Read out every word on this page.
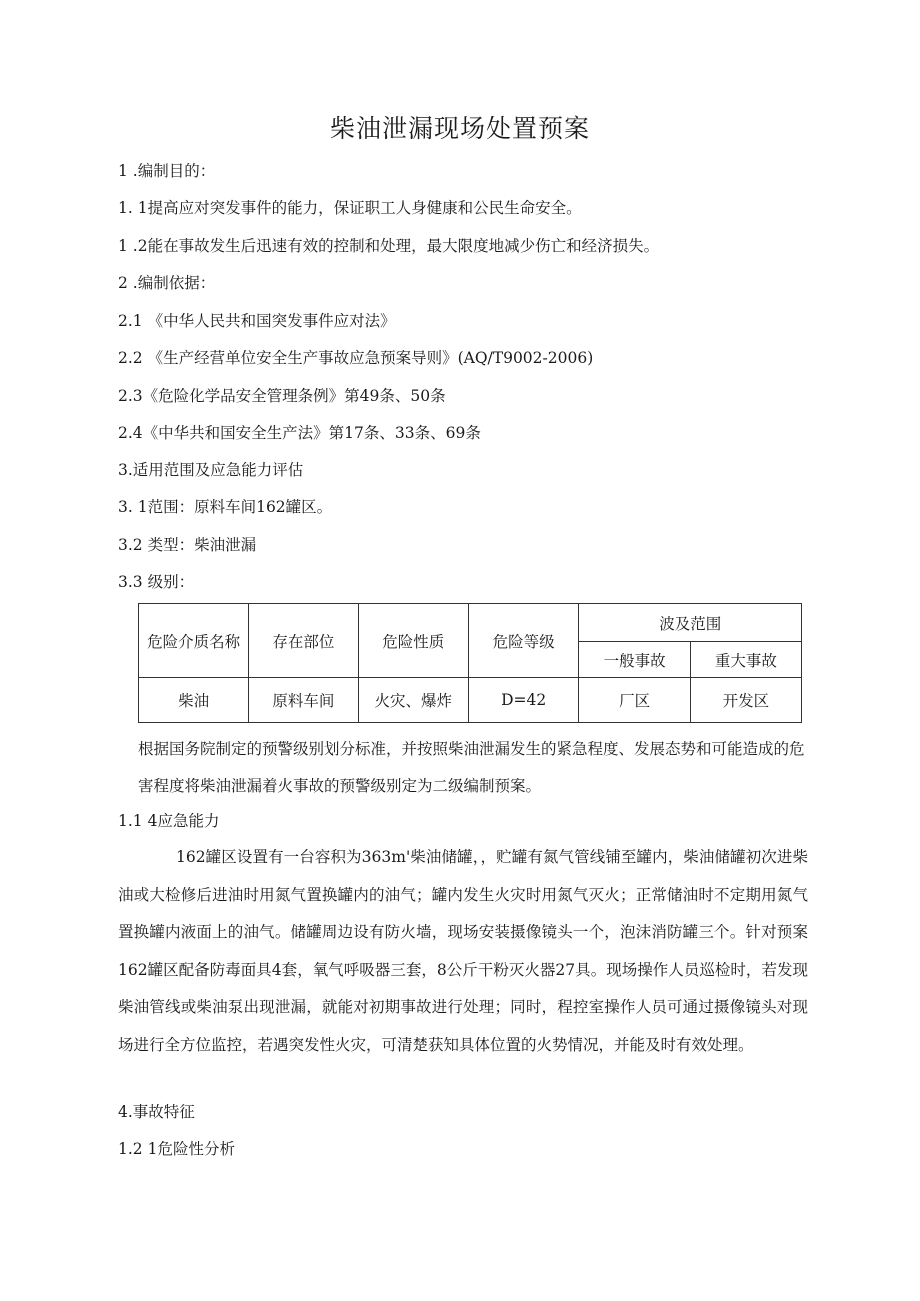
柴油泄漏现场处置预案
1 .编制目的：
1. 1提高应对突发事件的能力，保证职工人身健康和公民生命安全。
1 .2能在事故发生后迅速有效的控制和处理，最大限度地减少伤亡和经济损失。
2 .编制依据：
2.1 《中华人民共和国突发事件应对法》
2.2 《生产经营单位安全生产事故应急预案导则》(AQ/T9002-2006)
2.3《危险化学品安全管理条例》第49条、50条
2.4《中华共和国安全生产法》第17条、33条、69条
3.适用范围及应急能力评估
3. 1范围：原料车间162罐区。
3.2 类型：柴油泄漏
3.3 级别：
危险介质名称	存在部位	危险性质	危险等级	波及范围	
				一般事故	重大事故
柴油	原料车间	火灾、爆炸	D=42	厂区	开发区
根据国务院制定的预警级别划分标准，并按照柴油泄漏发生的紧急程度、发展态势和可能造成的危害程度将柴油泄漏着火事故的预警级别定为二级编制预案。
1.1 4应急能力
162罐区设置有一台容积为363m'柴油储罐，，贮罐有氮气管线铺至罐内，柴油储罐初次进柴油或大检修后进油时用氮气置换罐内的油气；罐内发生火灾时用氮气灭火；正常储油时不定期用氮气置换罐内液面上的油气。储罐周边设有防火墙，现场安装摄像镜头一个，泡沫消防罐三个。针对预案162罐区配备防毒面具4套，氧气呼吸器三套，8公斤干粉灭火器27具。现场操作人员巡检时，若发现柴油管线或柴油泵出现泄漏，就能对初期事故进行处理；同时，程控室操作人员可通过摄像镜头对现场进行全方位监控，若遇突发性火灾，可清楚获知具体位置的火势情况，并能及时有效处理。
4.事故特征
1.2 1危险性分析
